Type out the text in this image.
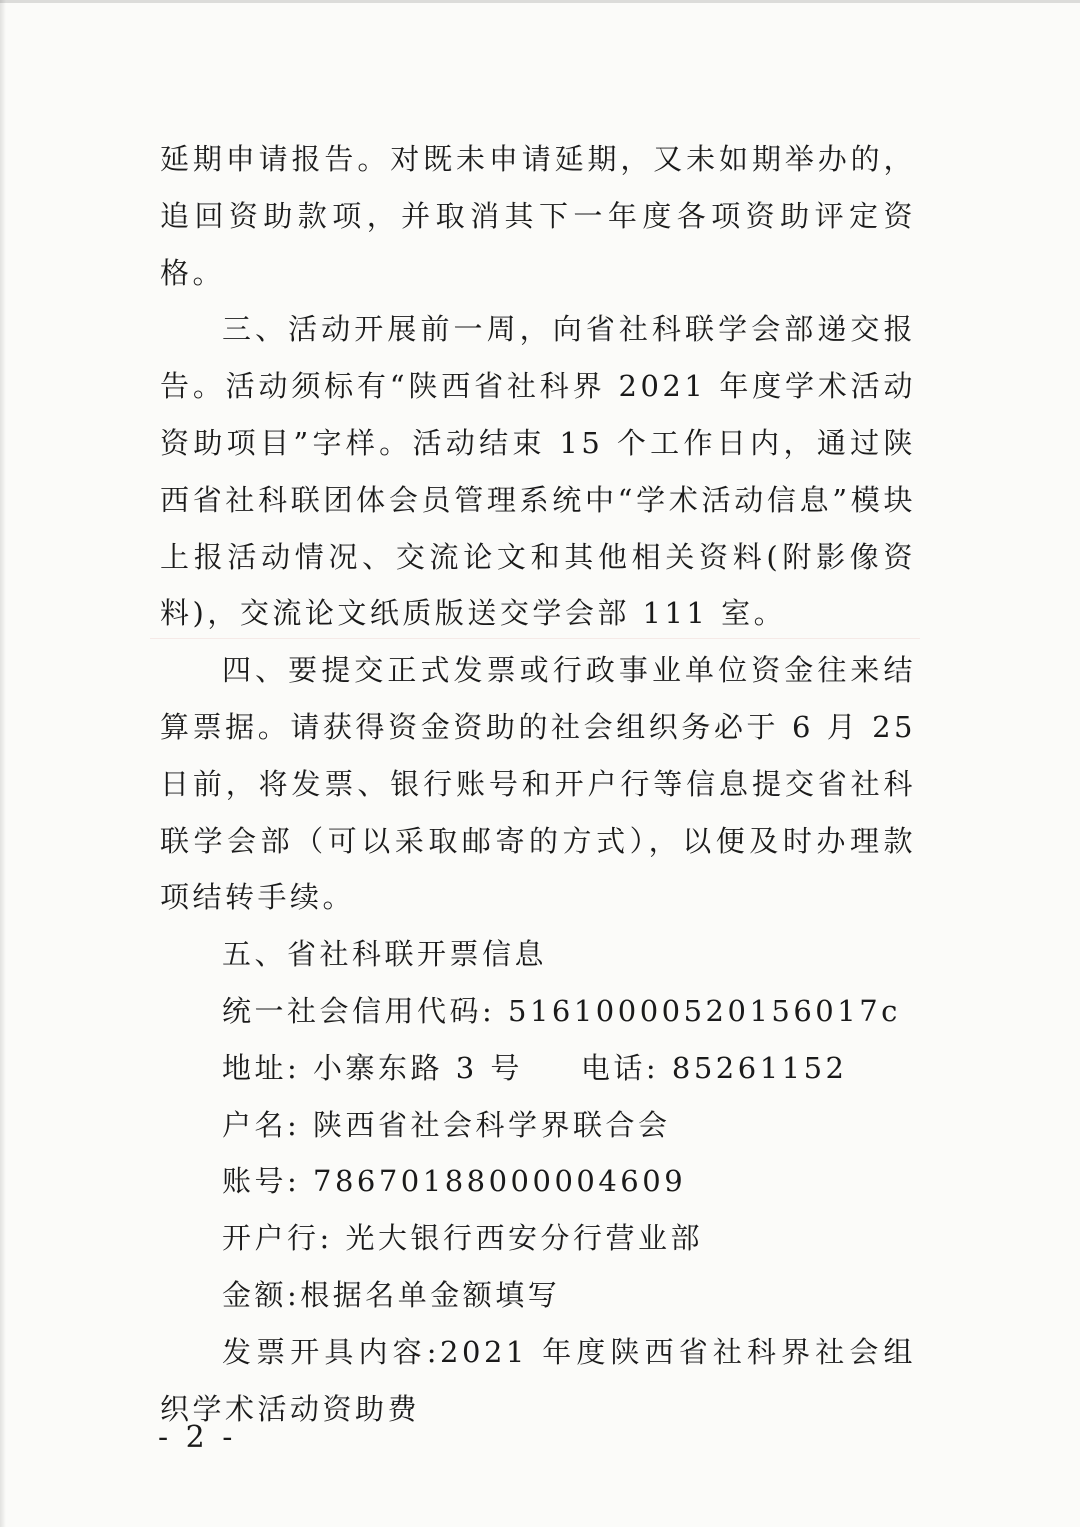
延期申请报告。对既未申请延期，又未如期举办的，追回资助款项，并取消其下一年度各项资助评定资格。

三、活动开展前一周，向省社科联学会部递交报告。活动须标有“陕西省社科界 2021 年度学术活动资助项目”字样。活动结束 15 个工作日内，通过陕西省社科联团体会员管理系统中“学术活动信息”模块上报活动情况、交流论文和其他相关资料(附影像资料)，交流论文纸质版送交学会部 111 室。

四、要提交正式发票或行政事业单位资金往来结算票据。请获得资金资助的社会组织务必于 6 月 25 日前，将发票、银行账号和开户行等信息提交省社科联学会部（可以采取邮寄的方式），以便及时办理款项结转手续。

五、省社科联开票信息

统一社会信用代码: 51610000520156017c

地址: 小寨东路 3 号 电话: 85261152

户名: 陕西省社会科学界联合会

账号: 78670188000004609

开户行: 光大银行西安分行营业部

金额:根据名单金额填写

发票开具内容:2021 年度陕西省社科界社会组织学术活动资助费

- 2 -
